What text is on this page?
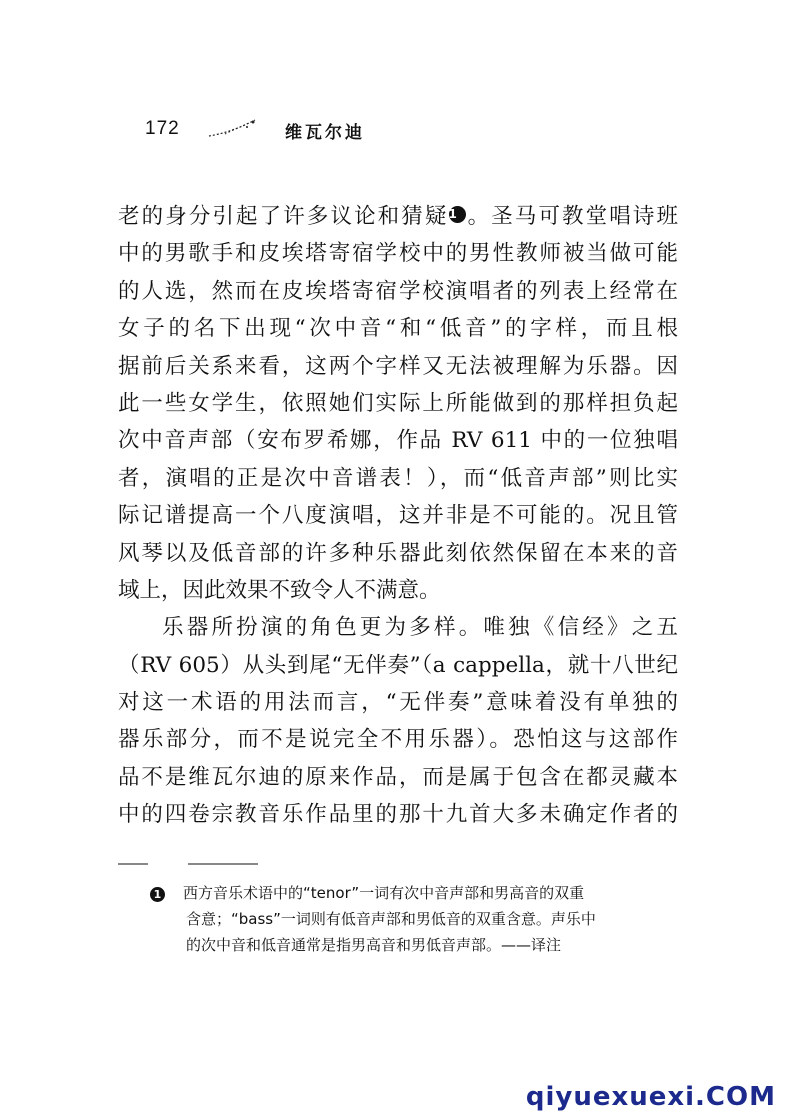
172	维瓦尔迪
老的身分引起了许多议论和猜疑1 。圣马可教堂唱诗班
中的男歌手和皮埃塔寄宿学校中的男性教师被当做可能
的人选，然而在皮埃塔寄宿学校演唱者的列表上经常在
女子的名下出现“次中音“和“低音”的字样，而且根
据前后关系来看，这两个字样又无法被理解为乐器。因
此一些女学生，依照她们实际上所能做到的那样担负起
次中音声部（安布罗希娜，作品 RV 611 中的一位独唱
者，演唱的正是次中音谱表！），而“低音声部”则比实
际记谱提高一个八度演唱，这并非是不可能的。况且管
风琴以及低音部的许多种乐器此刻依然保留在本来的音
域上，因此效果不致令人不满意。
乐器所扮演的角色更为多样。唯独《信经》之五
（RV 605）从头到尾“无伴奏”（a cappella，就十八世纪
对这一术语的用法而言，“无伴奏”意味着没有单独的
器乐部分，而不是说完全不用乐器）。恐怕这与这部作
品不是维瓦尔迪的原来作品，而是属于包含在都灵藏本
中的四卷宗教音乐作品里的那十九首大多未确定作者的
1 西方音乐术语中的“tenor”一词有次中音声部和男高音的双重
含意；“bass”一词则有低音声部和男低音的双重含意。声乐中
的次中音和低音通常是指男高音和男低音声部。——译注
qiyuexuexi.COM
